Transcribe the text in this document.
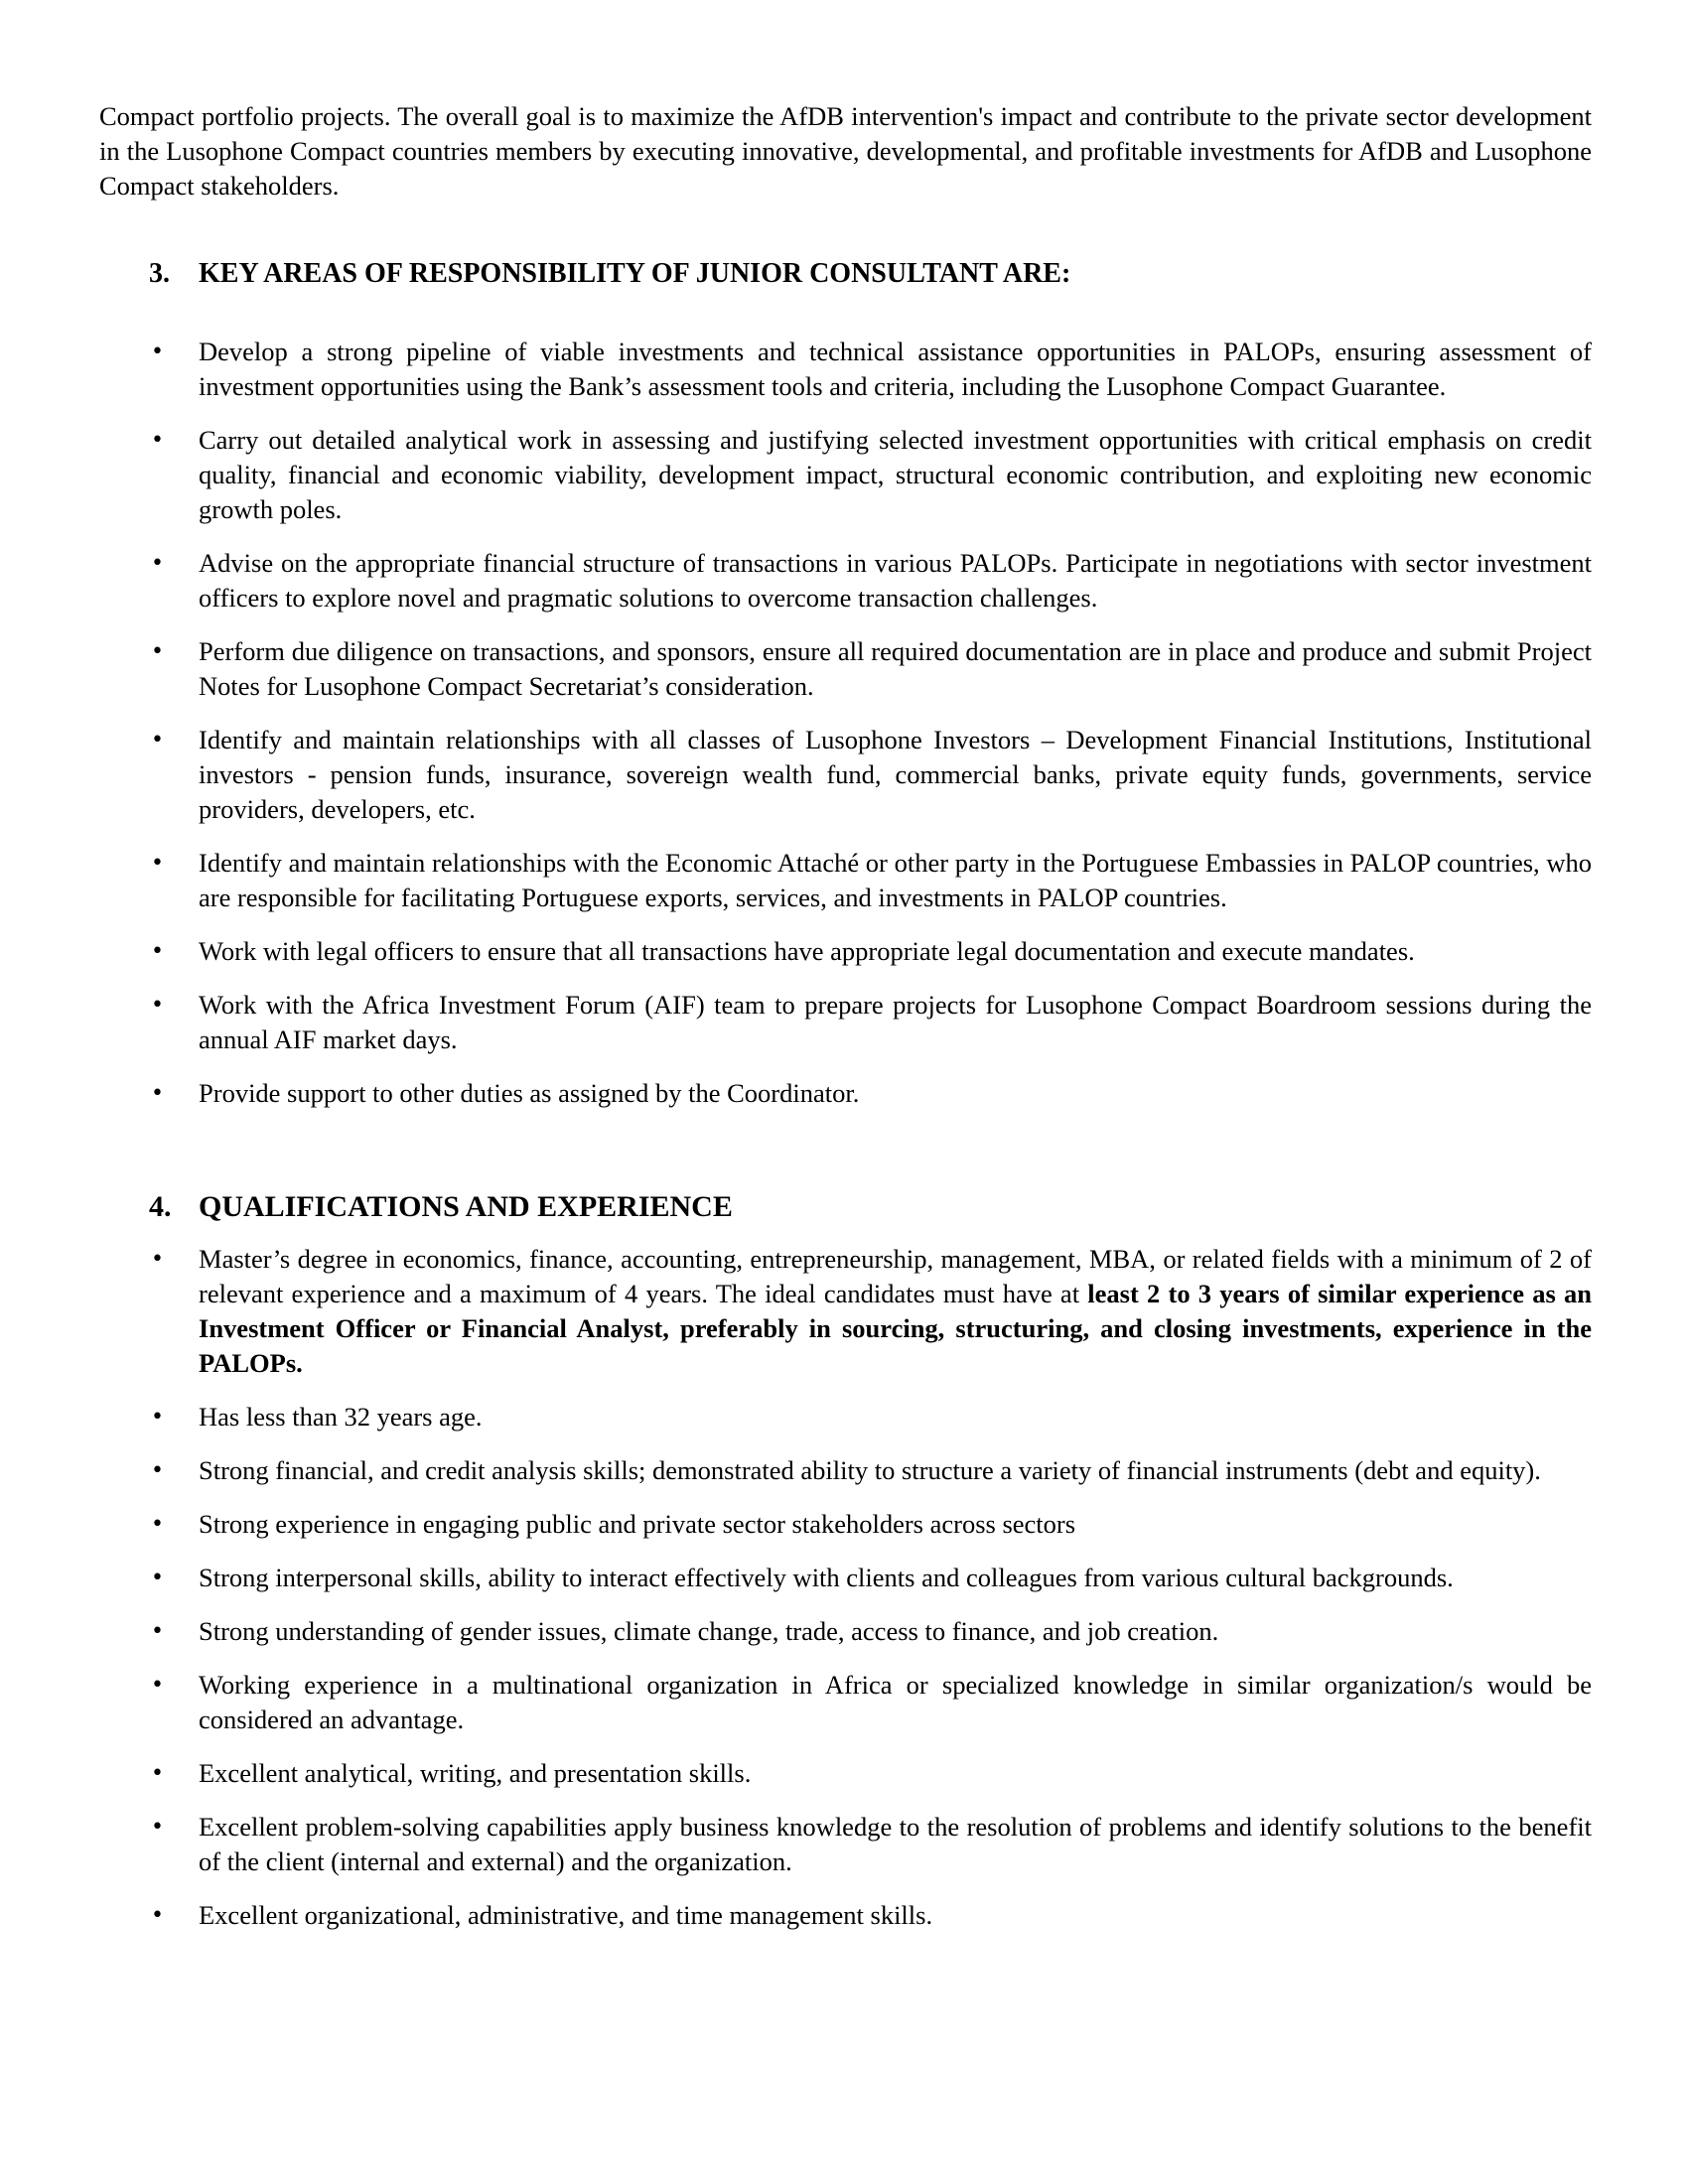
Compact portfolio projects. The overall goal is to maximize the AfDB intervention's impact and contribute to the private sector development in the Lusophone Compact countries members by executing innovative, developmental, and profitable investments for AfDB and Lusophone Compact stakeholders.

3. KEY AREAS OF RESPONSIBILITY OF JUNIOR CONSULTANT ARE:
• Develop a strong pipeline of viable investments and technical assistance opportunities in PALOPs, ensuring assessment of investment opportunities using the Bank’s assessment tools and criteria, including the Lusophone Compact Guarantee.
• Carry out detailed analytical work in assessing and justifying selected investment opportunities with critical emphasis on credit quality, financial and economic viability, development impact, structural economic contribution, and exploiting new economic growth poles.
• Advise on the appropriate financial structure of transactions in various PALOPs. Participate in negotiations with sector investment officers to explore novel and pragmatic solutions to overcome transaction challenges.
• Perform due diligence on transactions, and sponsors, ensure all required documentation are in place and produce and submit Project Notes for Lusophone Compact Secretariat’s consideration.
• Identify and maintain relationships with all classes of Lusophone Investors – Development Financial Institutions, Institutional investors - pension funds, insurance, sovereign wealth fund, commercial banks, private equity funds, governments, service providers, developers, etc.
• Identify and maintain relationships with the Economic Attaché or other party in the Portuguese Embassies in PALOP countries, who are responsible for facilitating Portuguese exports, services, and investments in PALOP countries.
• Work with legal officers to ensure that all transactions have appropriate legal documentation and execute mandates.
• Work with the Africa Investment Forum (AIF) team to prepare projects for Lusophone Compact Boardroom sessions during the annual AIF market days.
• Provide support to other duties as assigned by the Coordinator.
4. QUALIFICATIONS AND EXPERIENCE
• Master’s degree in economics, finance, accounting, entrepreneurship, management, MBA, or related fields with a minimum of 2 of relevant experience and a maximum of 4 years. The ideal candidates must have at least 2 to 3 years of similar experience as an Investment Officer or Financial Analyst, preferably in sourcing, structuring, and closing investments, experience in the PALOPs.
• Has less than 32 years age.
• Strong financial, and credit analysis skills; demonstrated ability to structure a variety of financial instruments (debt and equity).
• Strong experience in engaging public and private sector stakeholders across sectors
• Strong interpersonal skills, ability to interact effectively with clients and colleagues from various cultural backgrounds.
• Strong understanding of gender issues, climate change, trade, access to finance, and job creation.
• Working experience in a multinational organization in Africa or specialized knowledge in similar organization/s would be considered an advantage.
• Excellent analytical, writing, and presentation skills.
• Excellent problem-solving capabilities apply business knowledge to the resolution of problems and identify solutions to the benefit of the client (internal and external) and the organization.
• Excellent organizational, administrative, and time management skills.
